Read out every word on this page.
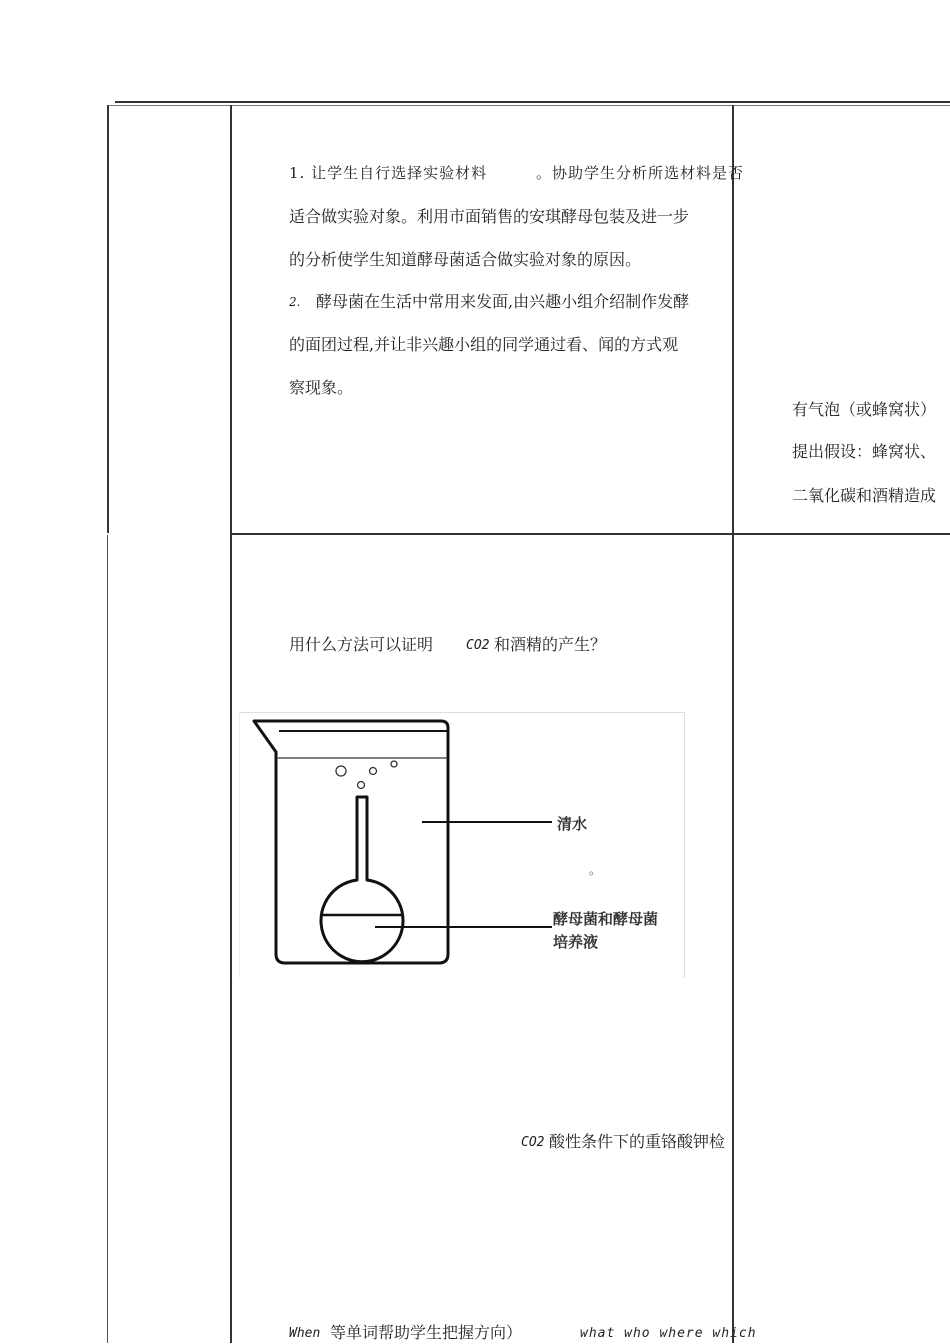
1. 让学生自行选择实验材料	。协助学生分析所选材料是否
适合做实验对象。利用市面销售的安琪酵母包装及进一步
的分析使学生知道酵母菌适合做实验对象的原因。
2. 酵母菌在生活中常用来发面,由兴趣小组介绍制作发酵
的面团过程,并让非兴趣小组的同学通过看、闻的方式观
察现象。
有气泡（或蜂窝状）
提出假设：蜂窝状、
二氧化碳和酒精造成
用什么方法可以证明	CO2 和酒精的产生？
清水
。
酵母菌和酵母菌
培养液
CO2 酸性条件下的重铬酸钾检
When 等单词帮助学生把握方向）	what who where which
